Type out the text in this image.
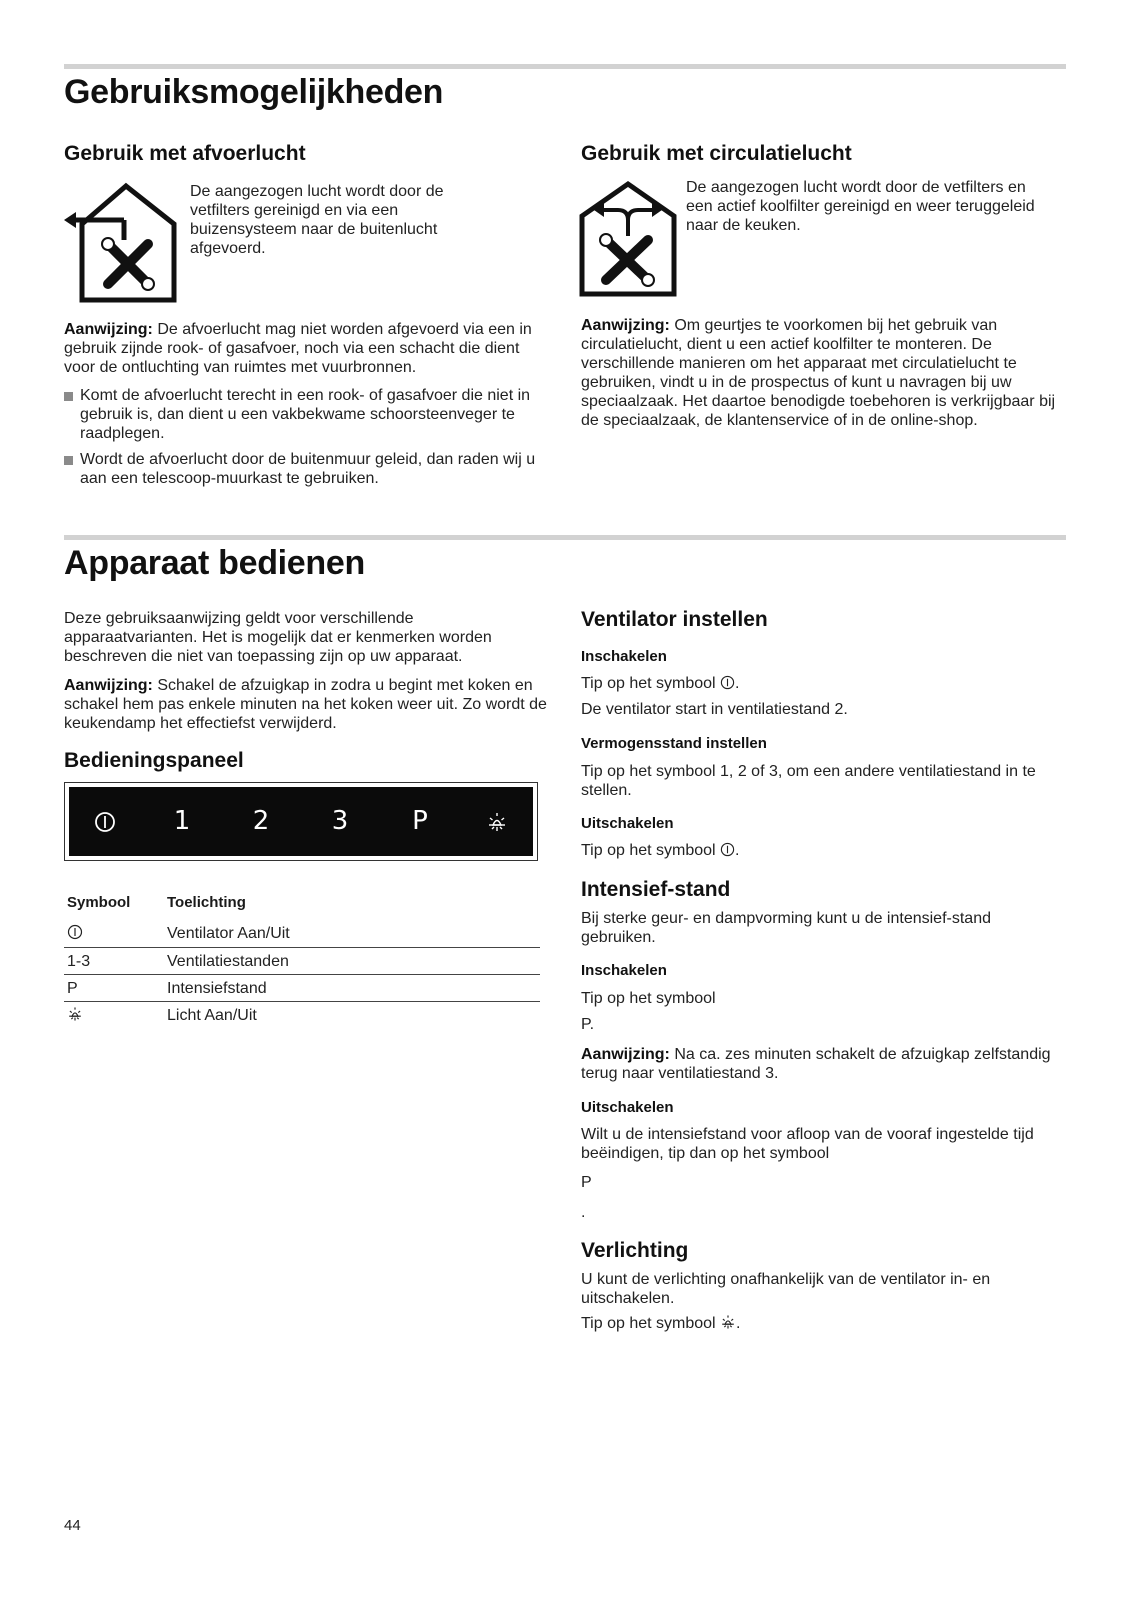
Gebruiksmogelijkheden
Gebruik met afvoerlucht
De aangezogen lucht wordt door de vetfilters gereinigd en via een buizensysteem naar de buitenlucht afgevoerd.
Aanwijzing: De afvoerlucht mag niet worden afgevoerd via een in gebruik zijnde rook- of gasafvoer, noch via een schacht die dient voor de ontluchting van ruimtes met vuurbronnen.
Komt de afvoerlucht terecht in een rook- of gasafvoer die niet in gebruik is, dan dient u een vakbekwame schoorsteenveger te raadplegen.
Wordt de afvoerlucht door de buitenmuur geleid, dan raden wij u aan een telescoop-muurkast te gebruiken.
Gebruik met circulatielucht
De aangezogen lucht wordt door de vetfilters en een actief koolfilter gereinigd en weer teruggeleid naar de keuken.
Aanwijzing: Om geurtjes te voorkomen bij het gebruik van circulatielucht, dient u een actief koolfilter te monteren. De verschillende manieren om het apparaat met circulatielucht te gebruiken, vindt u in de prospectus of kunt u navragen bij uw speciaalzaak. Het daartoe benodigde toebehoren is verkrijgbaar bij de speciaalzaak, de klantenservice of in de online-shop.
Apparaat bedienen
Deze gebruiksaanwijzing geldt voor verschillende apparaatvarianten. Het is mogelijk dat er kenmerken worden beschreven die niet van toepassing zijn op uw apparaat.
Aanwijzing: Schakel de afzuigkap in zodra u begint met koken en schakel hem pas enkele minuten na het koken weer uit. Zo wordt de keukendamp het effectiefst verwijderd.
Bedieningspaneel
1	2	3	P
Symbool	Toelichting
	Ventilator Aan/Uit
1-3	Ventilatiestanden
P	Intensiefstand
	Licht Aan/Uit
Ventilator instellen
Inschakelen
Tip op het symbool .
De ventilator start in ventilatiestand 2.
Vermogensstand instellen
Tip op het symbool 1, 2 of 3, om een andere ventilatiestand in te stellen.
Uitschakelen
Tip op het symbool .
Intensief-stand
Bij sterke geur- en dampvorming kunt u de intensief-stand gebruiken.
Inschakelen
Tip op het symbool
P.
Aanwijzing: Na ca. zes minuten schakelt de afzuigkap zelfstandig terug naar ventilatiestand 3.
Uitschakelen
Wilt u de intensiefstand voor afloop van de vooraf ingestelde tijd beëindigen, tip dan op het symbool
P
.
Verlichting
U kunt de verlichting onafhankelijk van de ventilator in- en uitschakelen.
Tip op het symbool .
44
